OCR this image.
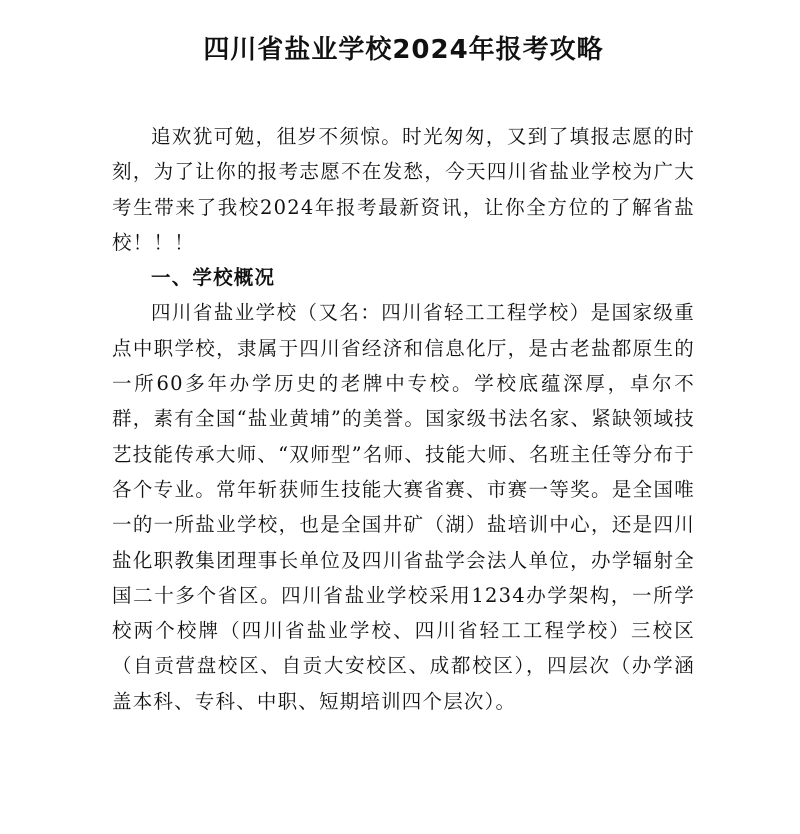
四川省盐业学校2024年报考攻略

追欢犹可勉，徂岁不须惊。时光匆匆，又到了填报志愿的时刻，为了让你的报考志愿不在发愁，今天四川省盐业学校为广大考生带来了我校2024年报考最新资讯，让你全方位的了解省盐校！！！

一、学校概况

四川省盐业学校（又名：四川省轻工工程学校）是国家级重点中职学校，隶属于四川省经济和信息化厅，是古老盐都原生的一所60多年办学历史的老牌中专校。学校底蕴深厚，卓尔不群，素有全国“盐业黄埔”的美誉。国家级书法名家、紧缺领域技艺技能传承大师、“双师型”名师、技能大师、名班主任等分布于各个专业。常年斩获师生技能大赛省赛、市赛一等奖。是全国唯一的一所盐业学校，也是全国井矿（湖）盐培训中心，还是四川盐化职教集团理事长单位及四川省盐学会法人单位，办学辐射全国二十多个省区。四川省盐业学校采用1234办学架构，一所学校两个校牌（四川省盐业学校、四川省轻工工程学校）三校区（自贡营盘校区、自贡大安校区、成都校区），四层次（办学涵盖本科、专科、中职、短期培训四个层次）。
